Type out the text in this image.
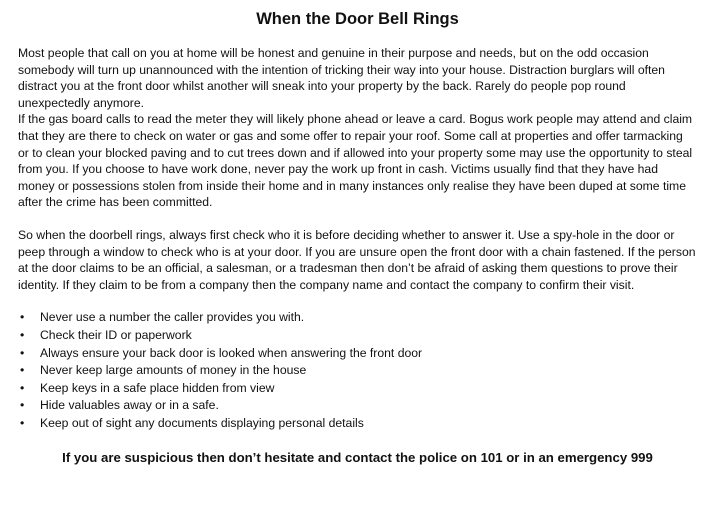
When the Door Bell Rings

Most people that call on you at home will be honest and genuine in their purpose and needs, but on the odd occasion somebody will turn up unannounced with the intention of tricking their way into your house. Distraction burglars will often distract you at the front door whilst another will sneak into your property by the back. Rarely do people pop round unexpectedly anymore.

If the gas board calls to read the meter they will likely phone ahead or leave a card. Bogus work people may attend and claim that they are there to check on water or gas and some offer to repair your roof. Some call at properties and offer tarmacking or to clean your blocked paving and to cut trees down and if allowed into your property some may use the opportunity to steal from you. If you choose to have work done, never pay the work up front in cash. Victims usually find that they have had money or possessions stolen from inside their home and in many instances only realise they have been duped at some time after the crime has been committed.

So when the doorbell rings, always first check who it is before deciding whether to answer it. Use a spy-hole in the door or peep through a window to check who is at your door. If you are unsure open the front door with a chain fastened. If the person at the door claims to be an official, a salesman, or a tradesman then don’t be afraid of asking them questions to prove their identity. If they claim to be from a company then the company name and contact the company to confirm their visit.

• Never use a number the caller provides you with.
• Check their ID or paperwork
• Always ensure your back door is looked when answering the front door
• Never keep large amounts of money in the house
• Keep keys in a safe place hidden from view
• Hide valuables away or in a safe.
• Keep out of sight any documents displaying personal details
If you are suspicious then don’t hesitate and contact the police on 101 or in an emergency 999
